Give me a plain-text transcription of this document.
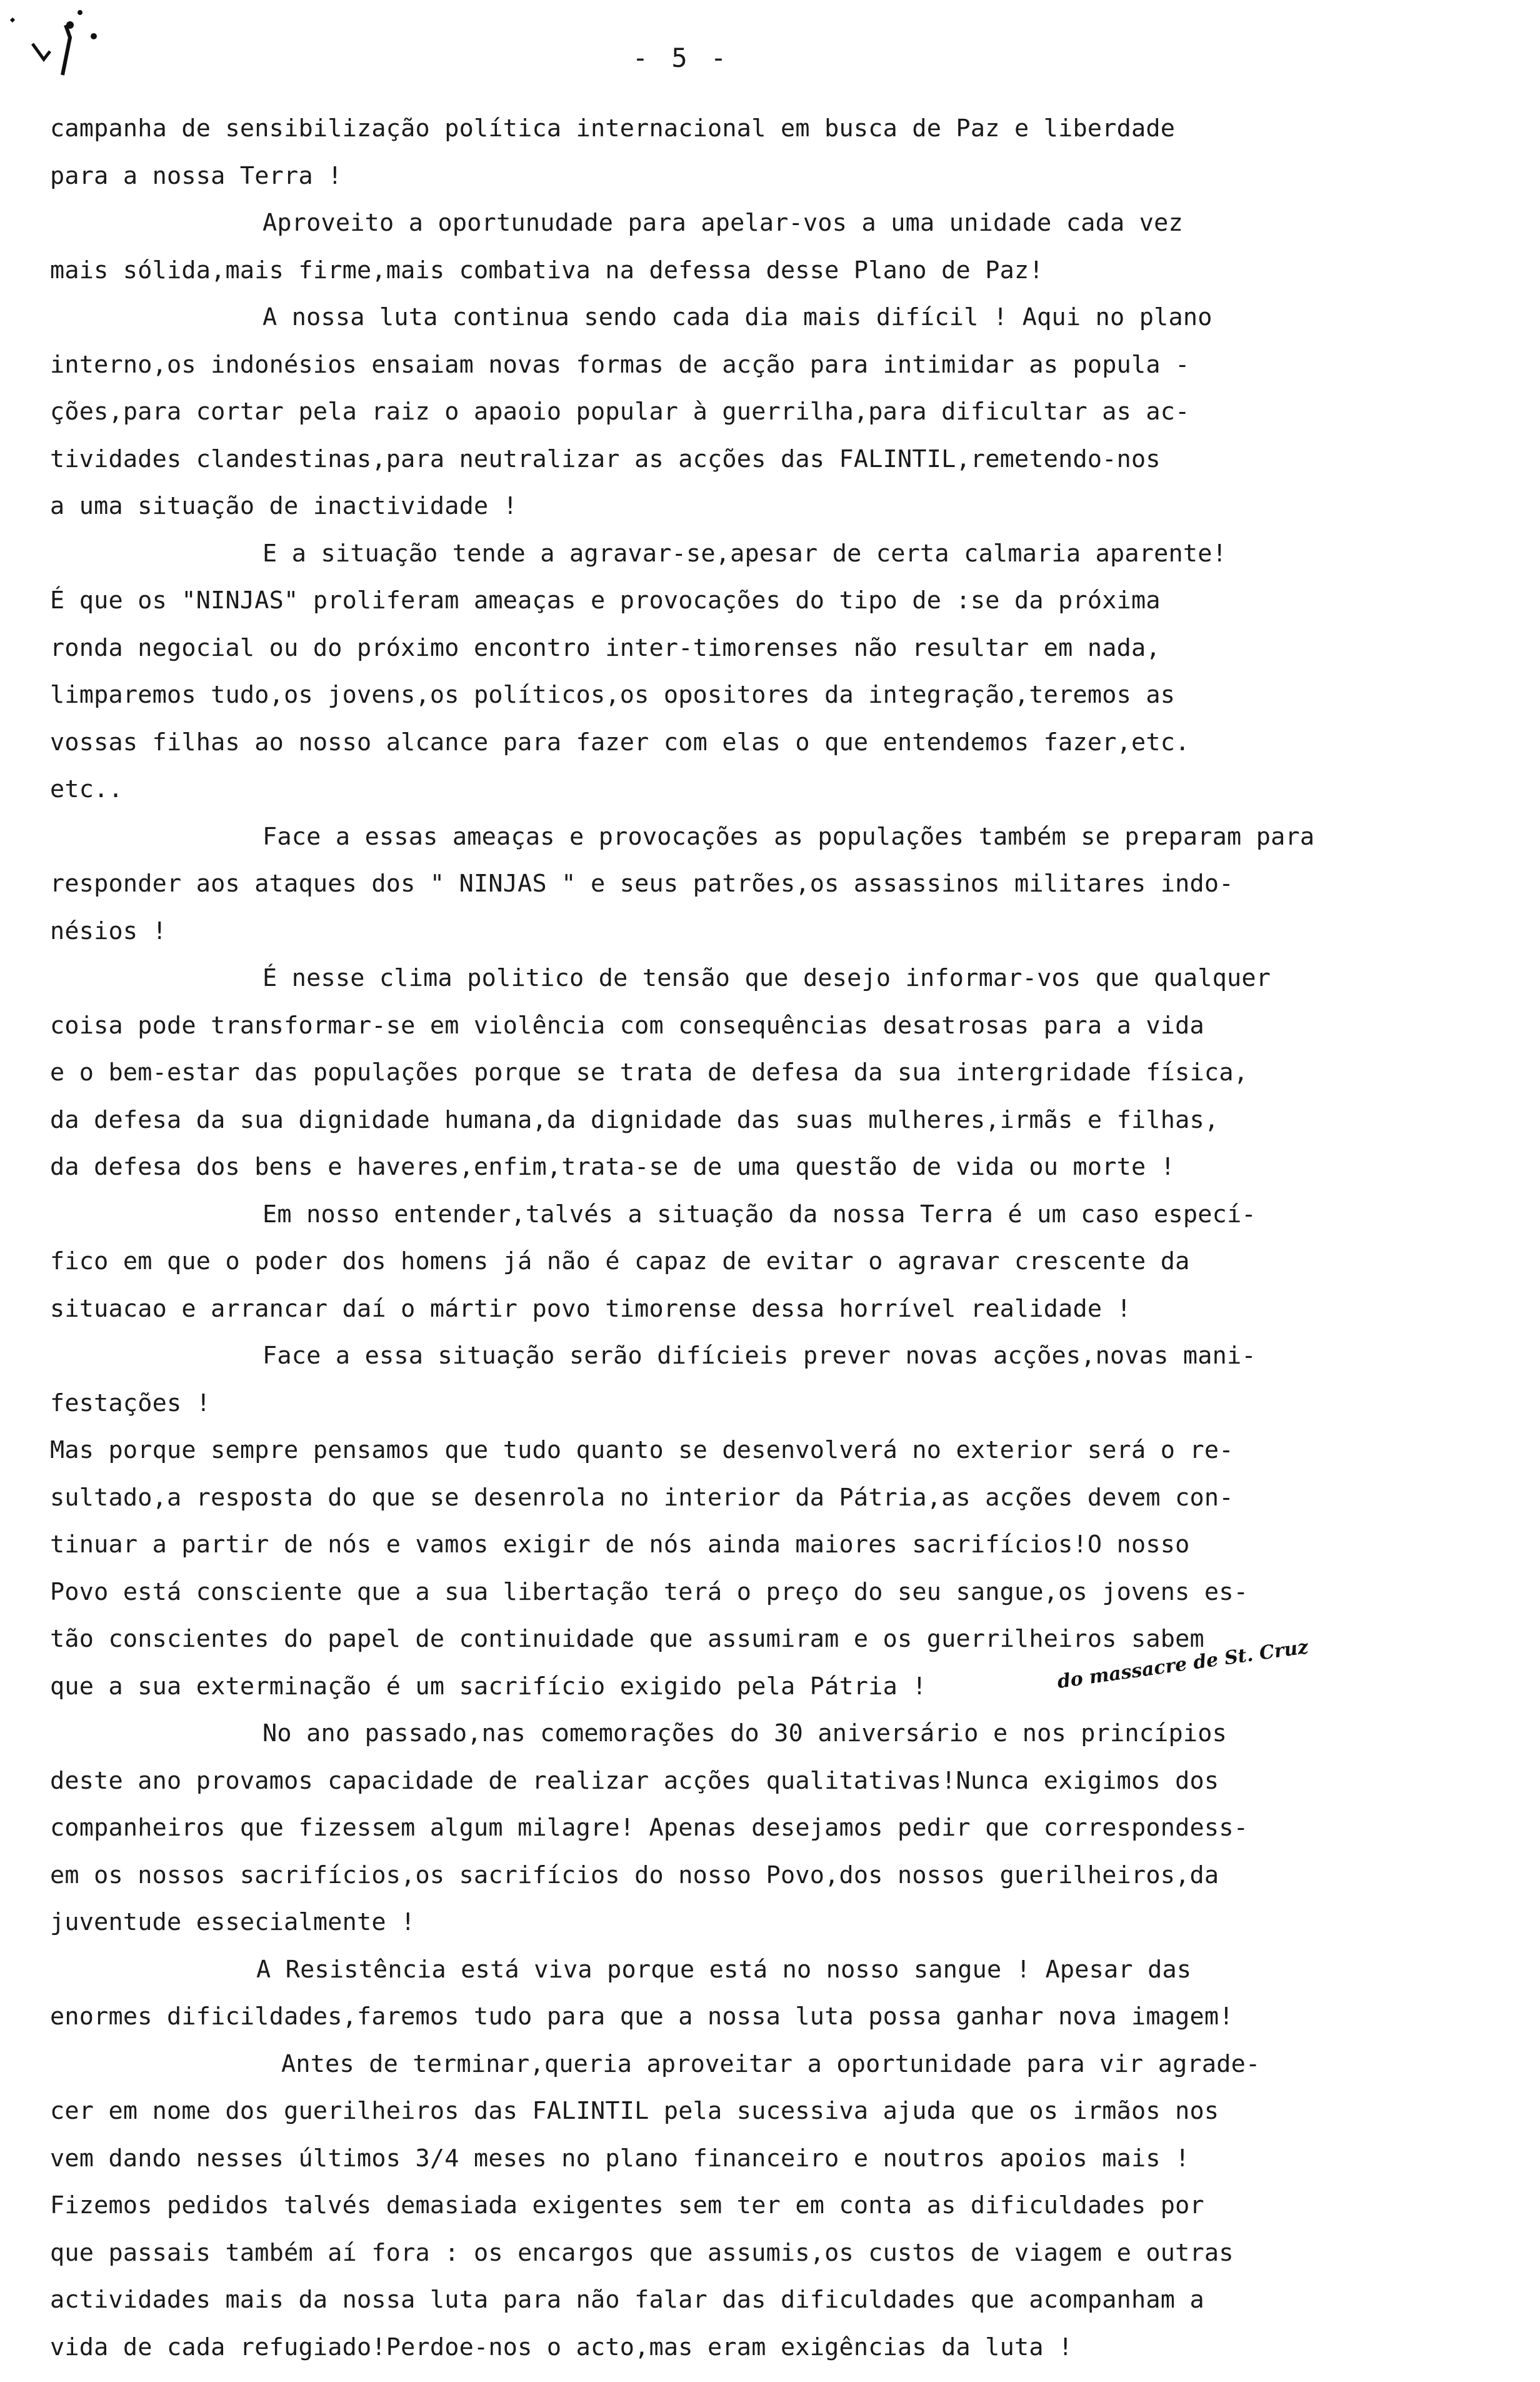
- 5 -
campanha de sensibilização política internacional em busca de Paz e liberdade
para a nossa Terra !
Aproveito a oportunudade para apelar-vos a uma unidade cada vez
mais sólida,mais firme,mais combativa na defessa desse Plano de Paz!
A nossa luta continua sendo cada dia mais difícil ! Aqui no plano
interno,os indonésios ensaiam novas formas de acção para intimidar as popula -
ções,para cortar pela raiz o apaoio popular à guerrilha,para dificultar as ac-
tividades clandestinas,para neutralizar as acções das FALINTIL,remetendo-nos
a uma situação de inactividade !
E a situação tende a agravar-se,apesar de certa calmaria aparente!
É que os "NINJAS" proliferam ameaças e provocações do tipo de :se da próxima
ronda negocial ou do próximo encontro inter-timorenses não resultar em nada,
limparemos tudo,os jovens,os políticos,os opositores da integração,teremos as
vossas filhas ao nosso alcance para fazer com elas o que entendemos fazer,etc.
etc..
Face a essas ameaças e provocações as populações também se preparam para
responder aos ataques dos " NINJAS " e seus patrões,os assassinos militares indo-
nésios !
É nesse clima politico de tensão que desejo informar-vos que qualquer
coisa pode transformar-se em violência com consequências desatrosas para a vida
e o bem-estar das populações porque se trata de defesa da sua intergridade física,
da defesa da sua dignidade humana,da dignidade das suas mulheres,irmãs e filhas,
da defesa dos bens e haveres,enfim,trata-se de uma questão de vida ou morte !
Em nosso entender,talvés a situação da nossa Terra é um caso especí-
fico em que o poder dos homens já não é capaz de evitar o agravar crescente da
situacao e arrancar daí o mártir povo timorense dessa horrível realidade !
Face a essa situação serão difícieis prever novas acções,novas mani-
festações !
Mas porque sempre pensamos que tudo quanto se desenvolverá no exterior será o re-
sultado,a resposta do que se desenrola no interior da Pátria,as acções devem con-
tinuar a partir de nós e vamos exigir de nós ainda maiores sacrifícios!O nosso
Povo está consciente que a sua libertação terá o preço do seu sangue,os jovens es-
tão conscientes do papel de continuidade que assumiram e os guerrilheiros sabem
que a sua exterminação é um sacrifício exigido pela Pátria !
No ano passado,nas comemorações do 30 aniversário e nos princípios
deste ano provamos capacidade de realizar acções qualitativas!Nunca exigimos dos
companheiros que fizessem algum milagre! Apenas desejamos pedir que correspondess-
em os nossos sacrifícios,os sacrifícios do nosso Povo,dos nossos guerilheiros,da
juventude essecialmente !
A Resistência está viva porque está no nosso sangue ! Apesar das
enormes dificildades,faremos tudo para que a nossa luta possa ganhar nova imagem!
Antes de terminar,queria aproveitar a oportunidade para vir agrade-
cer em nome dos guerilheiros das FALINTIL pela sucessiva ajuda que os irmãos nos
vem dando nesses últimos 3/4 meses no plano financeiro e noutros apoios mais !
Fizemos pedidos talvés demasiada exigentes sem ter em conta as dificuldades por
que passais também aí fora : os encargos que assumis,os custos de viagem e outras
actividades mais da nossa luta para não falar das dificuldades que acompanham a
vida de cada refugiado!Perdoe-nos o acto,mas eram exigências da luta !
do massacre de St. Cruz
